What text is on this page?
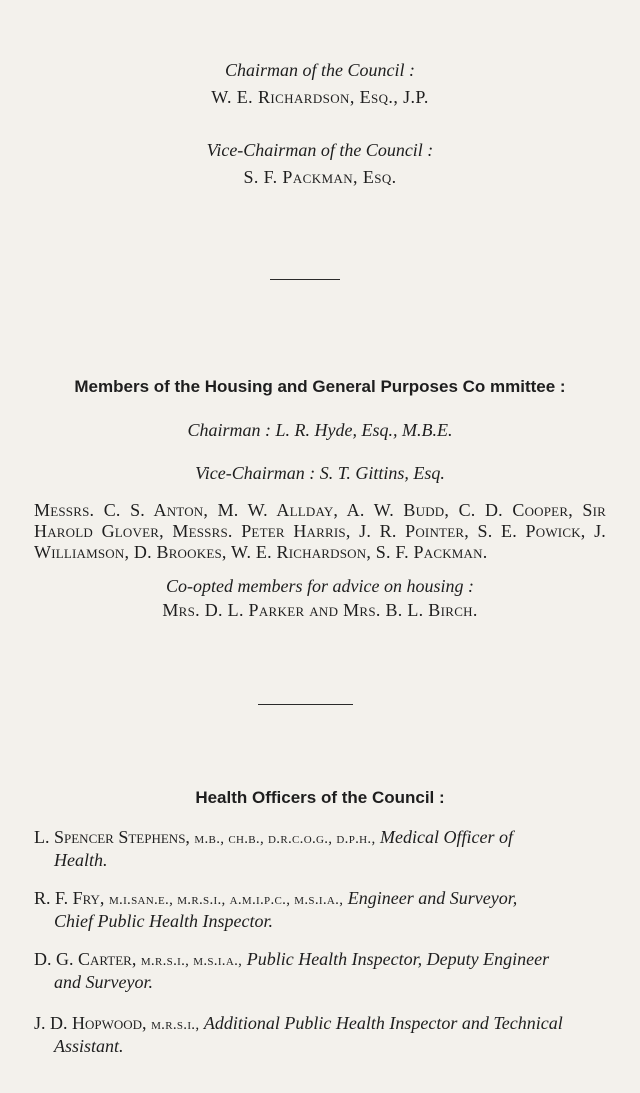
Chairman of the Council :
W. E. Richardson, Esq., J.P.
Vice-Chairman of the Council :
S. F. Packman, Esq.
Members of the Housing and General Purposes Co mmittee :
Chairman : L. R. Hyde, Esq., M.B.E.
Vice-Chairman : S. T. Gittins, Esq.
Messrs. C. S. Anton, M. W. Allday, A. W. Budd, C. D. Cooper, Sir Harold Glover, Messrs. Peter Harris, J. R. Pointer, S. E. Powick, J. Williamson, D. Brookes, W. E. Richardson, S. F. Packman.
Co-opted members for advice on housing :
Mrs. D. L. Parker and Mrs. B. L. Birch.
Health Officers of the Council :
L. Spencer Stephens, m.b., ch.b., d.r.c.o.g., d.p.h., Medical Officer of
Health.
R. F. Fry, m.i.san.e., m.r.s.i., a.m.i.p.c., m.s.i.a., Engineer and Surveyor,
Chief Public Health Inspector.
D. G. Carter, m.r.s.i., m.s.i.a., Public Health Inspector, Deputy Engineer
and Surveyor.
J. D. Hopwood, m.r.s.i., Additional Public Health Inspector and Technical
Assistant.
